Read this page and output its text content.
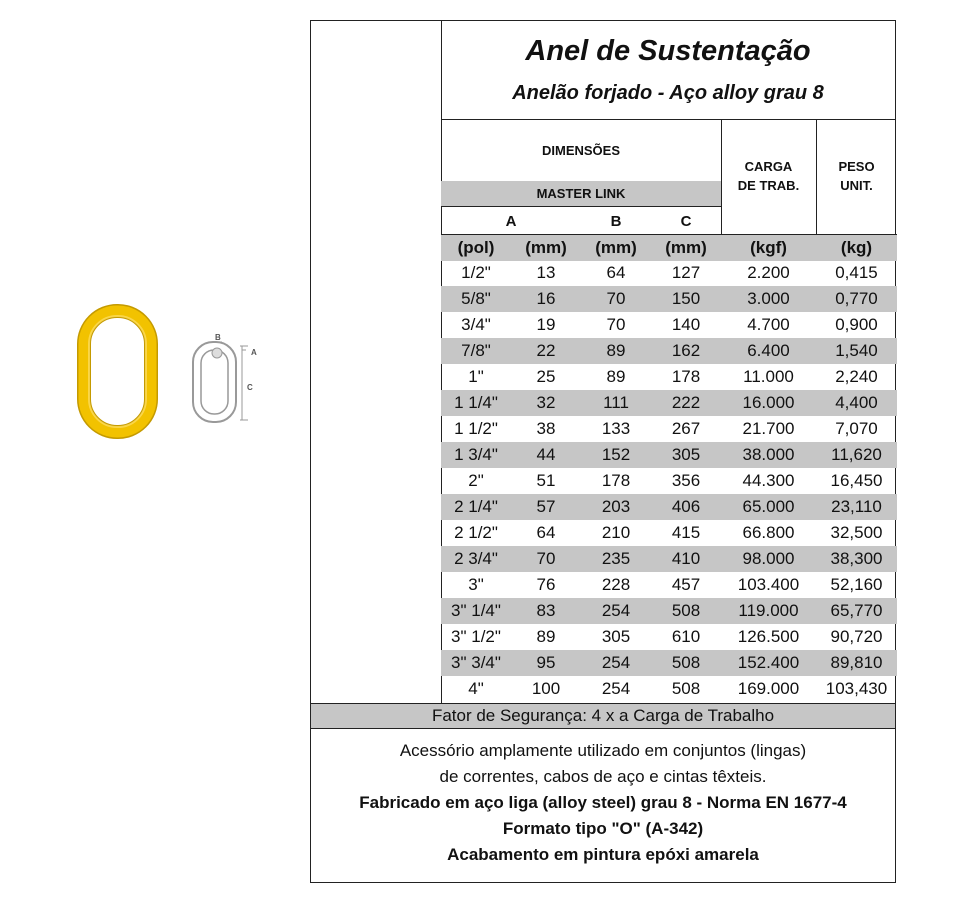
B
A
C
Anel de Sustentação
Anelão forjado - Aço alloy grau 8
DIMENSÕES
MASTER LINK
A	B	C
CARGA
DE TRAB.
PESO
UNIT.
(pol)	(mm)	(mm)	(mm)	(kgf)	(kg)
1/2"	13	64	127	2.200	0,415
5/8"	16	70	150	3.000	0,770
3/4"	19	70	140	4.700	0,900
7/8"	22	89	162	6.400	1,540
1"	25	89	178	11.000	2,240
1 1/4"	32	111	222	16.000	4,400
1 1/2"	38	133	267	21.700	7,070
1 3/4"	44	152	305	38.000	11,620
2"	51	178	356	44.300	16,450
2 1/4"	57	203	406	65.000	23,110
2 1/2"	64	210	415	66.800	32,500
2 3/4"	70	235	410	98.000	38,300
3"	76	228	457	103.400	52,160
3" 1/4"	83	254	508	119.000	65,770
3" 1/2"	89	305	610	126.500	90,720
3" 3/4"	95	254	508	152.400	89,810
4"	100	254	508	169.000	103,430
Fator de Segurança: 4 x a Carga de Trabalho
Acessório amplamente utilizado em conjuntos (lingas)
de correntes, cabos de aço e cintas têxteis.
Fabricado em aço liga (alloy steel) grau 8 - Norma EN 1677-4
Formato tipo "O" (A-342)
Acabamento em pintura epóxi amarela
